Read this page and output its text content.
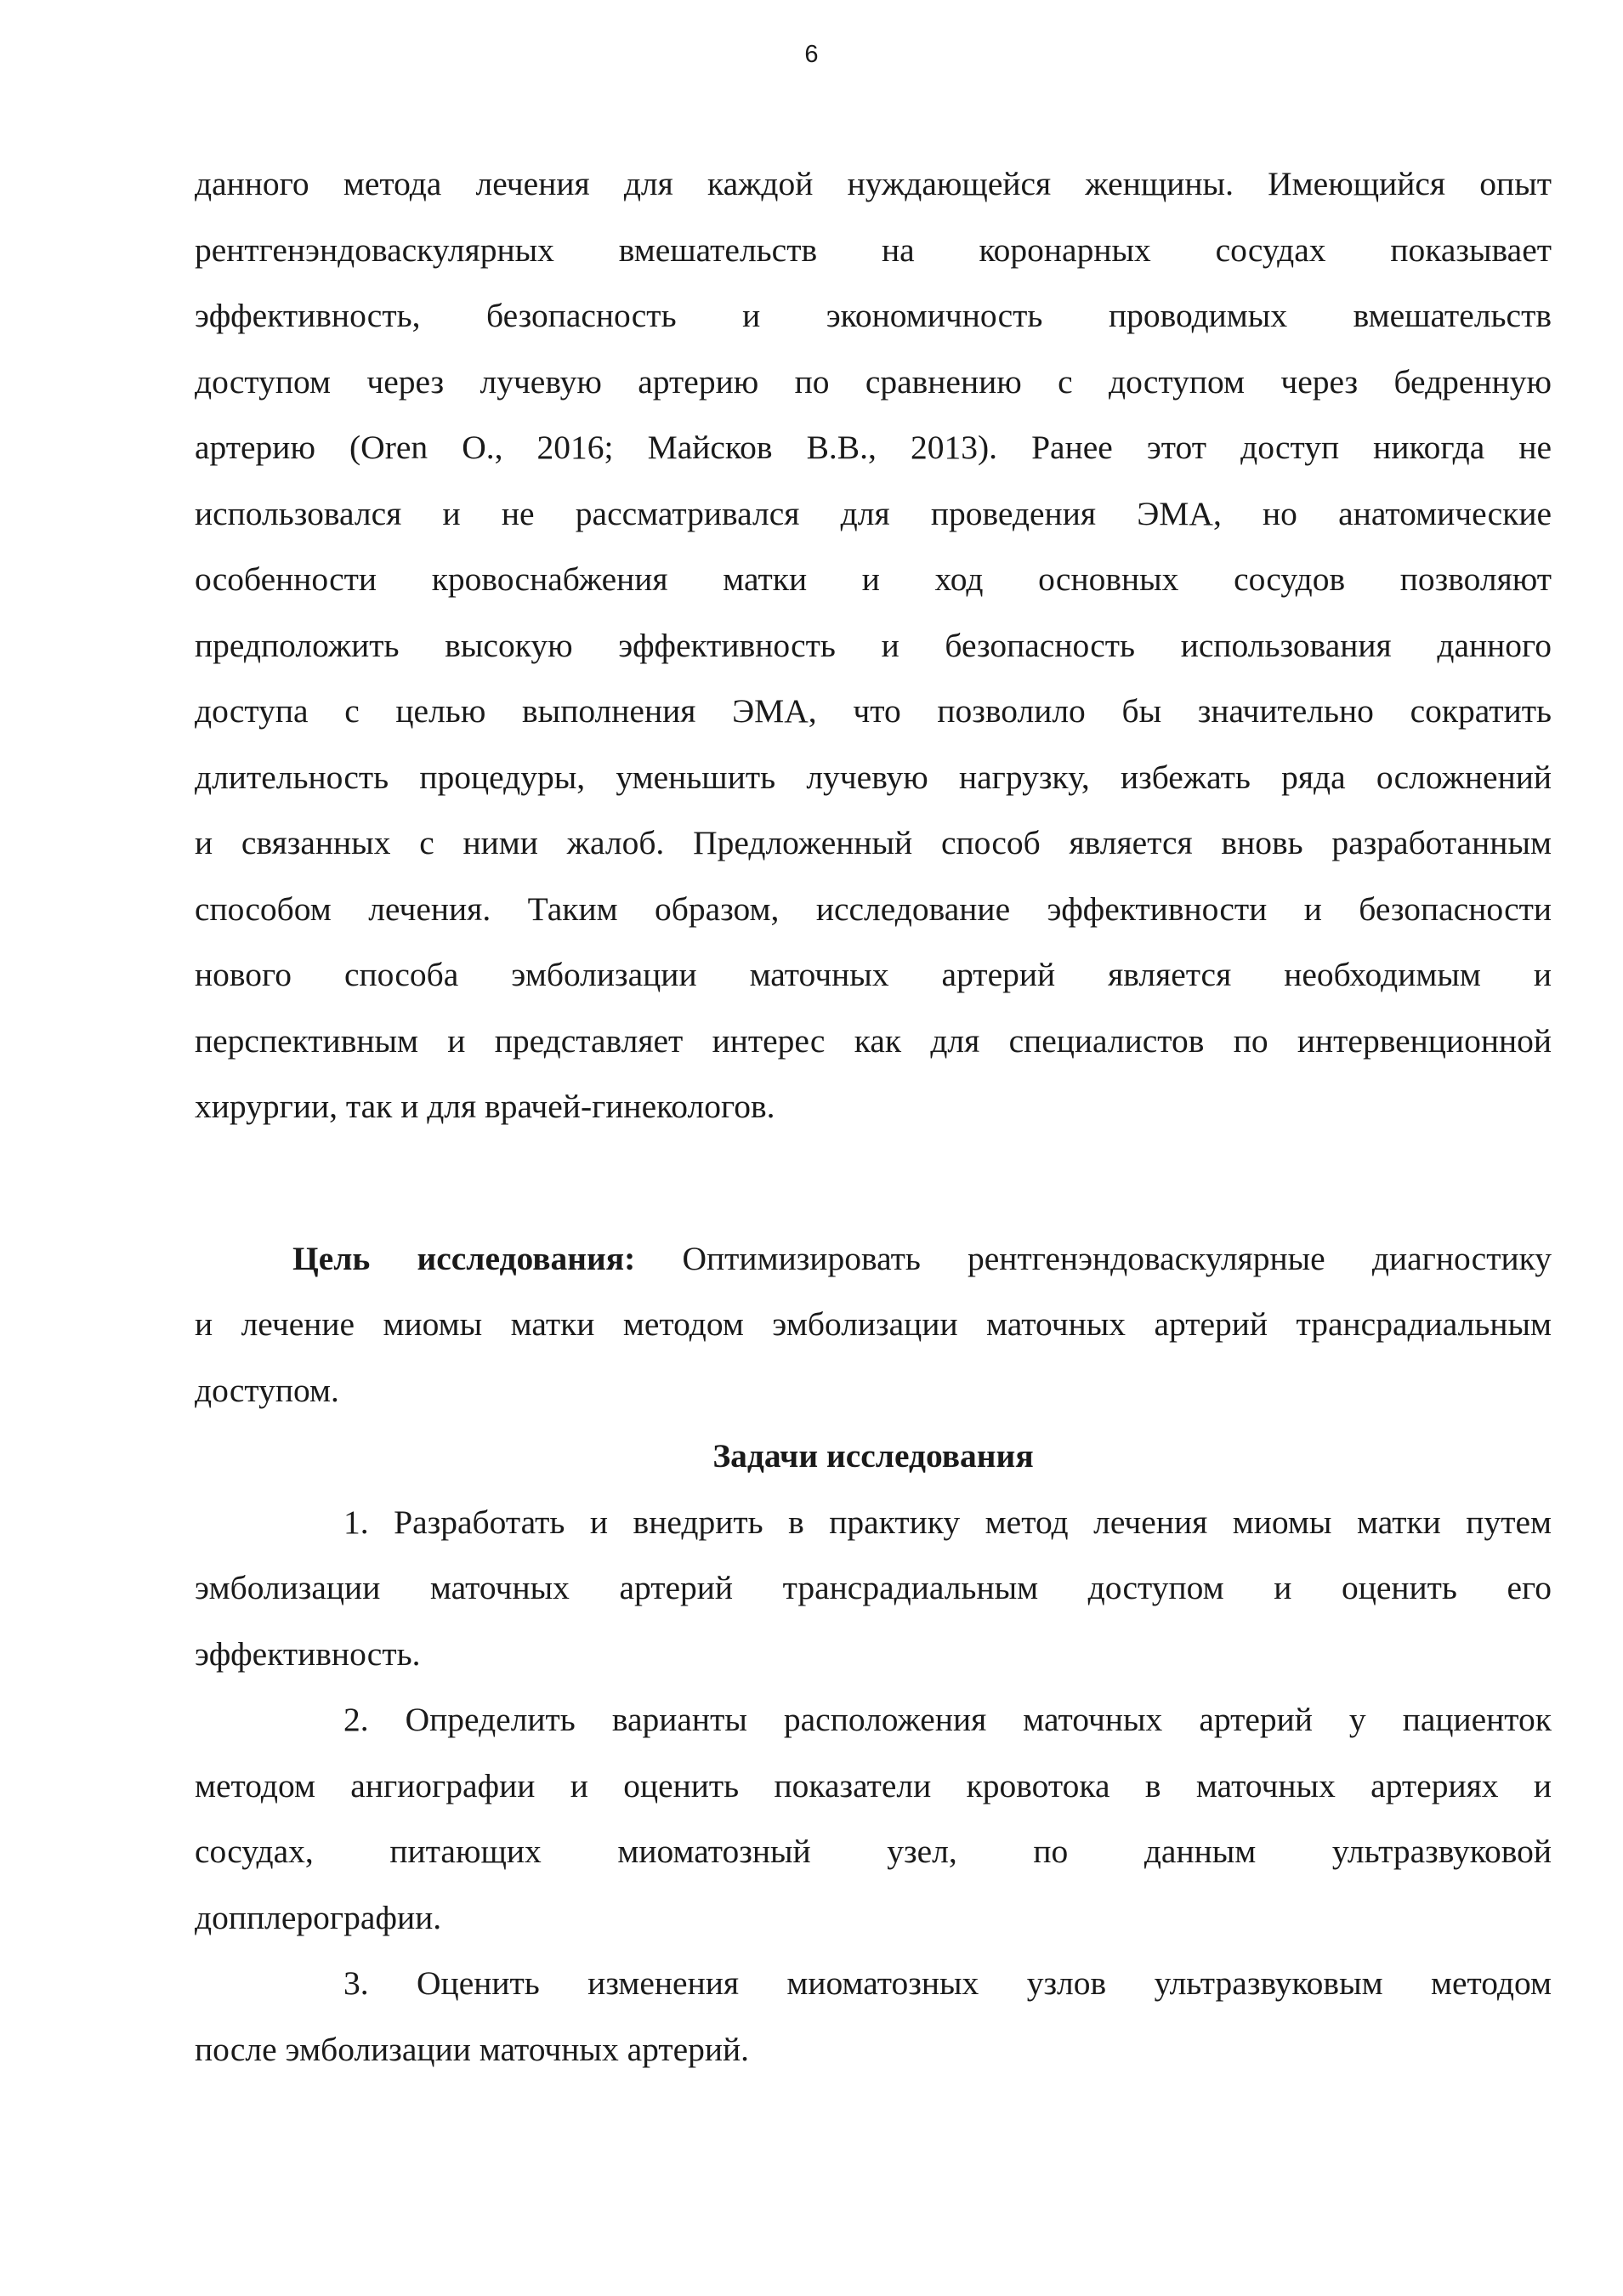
6

данного метода лечения для каждой нуждающейся женщины. Имеющийся опыт
рентгенэндоваскулярных вмешательств на коронарных сосудах показывает
эффективность, безопасность и экономичность проводимых вмешательств
доступом через лучевую артерию по сравнению с доступом через бедренную
артерию (Oren O., 2016; Майсков В.В., 2013). Ранее этот доступ никогда не
использовался и не рассматривался для проведения ЭМА, но анатомические
особенности кровоснабжения матки и ход основных сосудов позволяют
предположить высокую эффективность и безопасность использования данного
доступа с целью выполнения ЭМА, что позволило бы значительно сократить
длительность процедуры, уменьшить лучевую нагрузку, избежать ряда осложнений
и связанных с ними жалоб. Предложенный способ является вновь разработанным
способом лечения. Таким образом, исследование эффективности и безопасности
нового способа эмболизации маточных артерий является необходимым и
перспективным и представляет интерес как для специалистов по интервенционной
хирургии, так и для врачей-гинекологов.

Цель исследования: Оптимизировать рентгенэндоваскулярные диагностику
и лечение миомы матки методом эмболизации маточных артерий трансрадиальным
доступом.

Задачи исследования

1. Разработать и внедрить в практику метод лечения миомы матки путем
эмболизации маточных артерий трансрадиальным доступом и оценить его
эффективность.

2. Определить варианты расположения маточных артерий у пациенток
методом ангиографии и оценить показатели кровотока в маточных артериях и
сосудах, питающих миоматозный узел, по данным ультразвуковой
допплерографии.

3. Оценить изменения миоматозных узлов ультразвуковым методом
после эмболизации маточных артерий.
